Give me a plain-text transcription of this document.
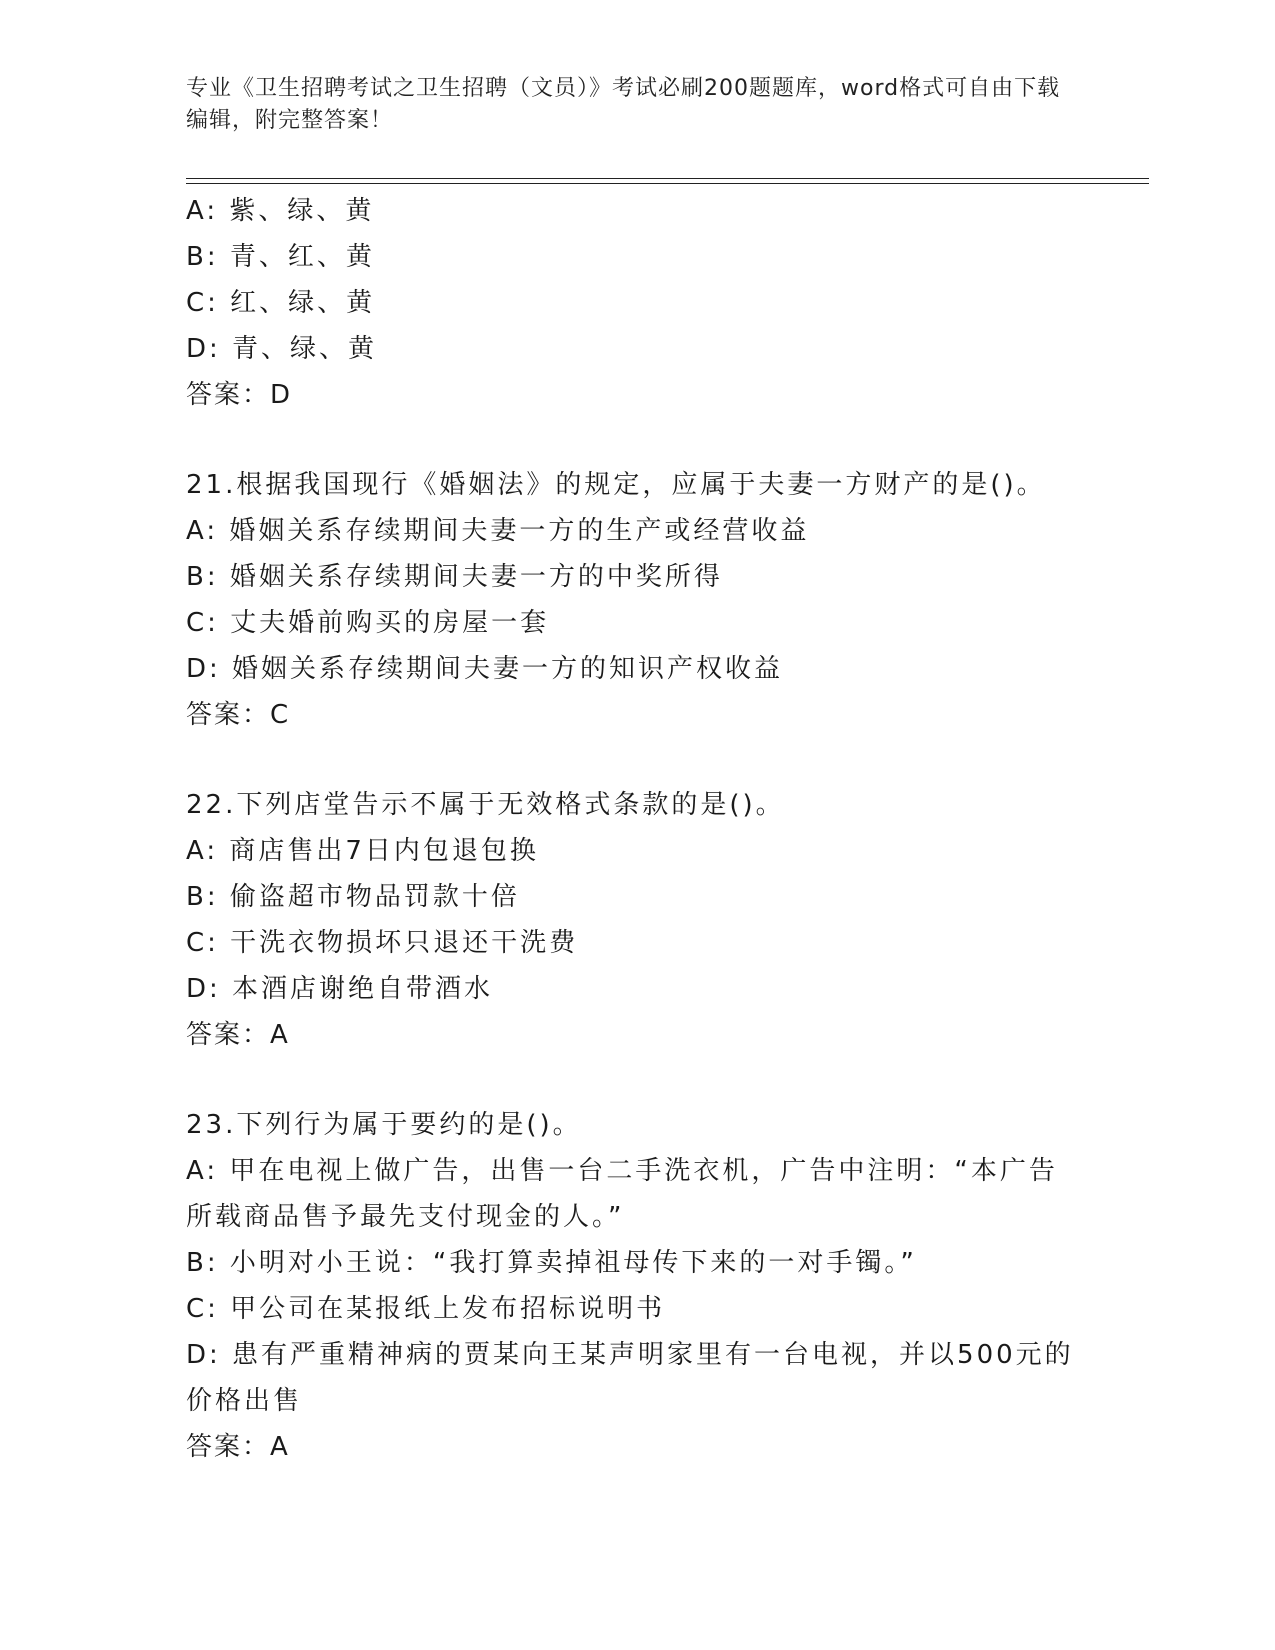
专业《卫生招聘考试之卫生招聘（文员）》考试必刷200题题库，word格式可自由下载编辑，附完整答案！
A: 紫、绿、黄
B: 青、红、黄
C: 红、绿、黄
D: 青、绿、黄
答案：D
21.根据我国现行《婚姻法》的规定，应属于夫妻一方财产的是()。
A: 婚姻关系存续期间夫妻一方的生产或经营收益
B: 婚姻关系存续期间夫妻一方的中奖所得
C: 丈夫婚前购买的房屋一套
D: 婚姻关系存续期间夫妻一方的知识产权收益
答案：C
22.下列店堂告示不属于无效格式条款的是()。
A: 商店售出7日内包退包换
B: 偷盗超市物品罚款十倍
C: 干洗衣物损坏只退还干洗费
D: 本酒店谢绝自带酒水
答案：A
23.下列行为属于要约的是()。
A: 甲在电视上做广告，出售一台二手洗衣机，广告中注明：“本广告所载商品售予最先支付现金的人。”
B: 小明对小王说：“我打算卖掉祖母传下来的一对手镯。”
C: 甲公司在某报纸上发布招标说明书
D: 患有严重精神病的贾某向王某声明家里有一台电视，并以500元的价格出售
答案：A
